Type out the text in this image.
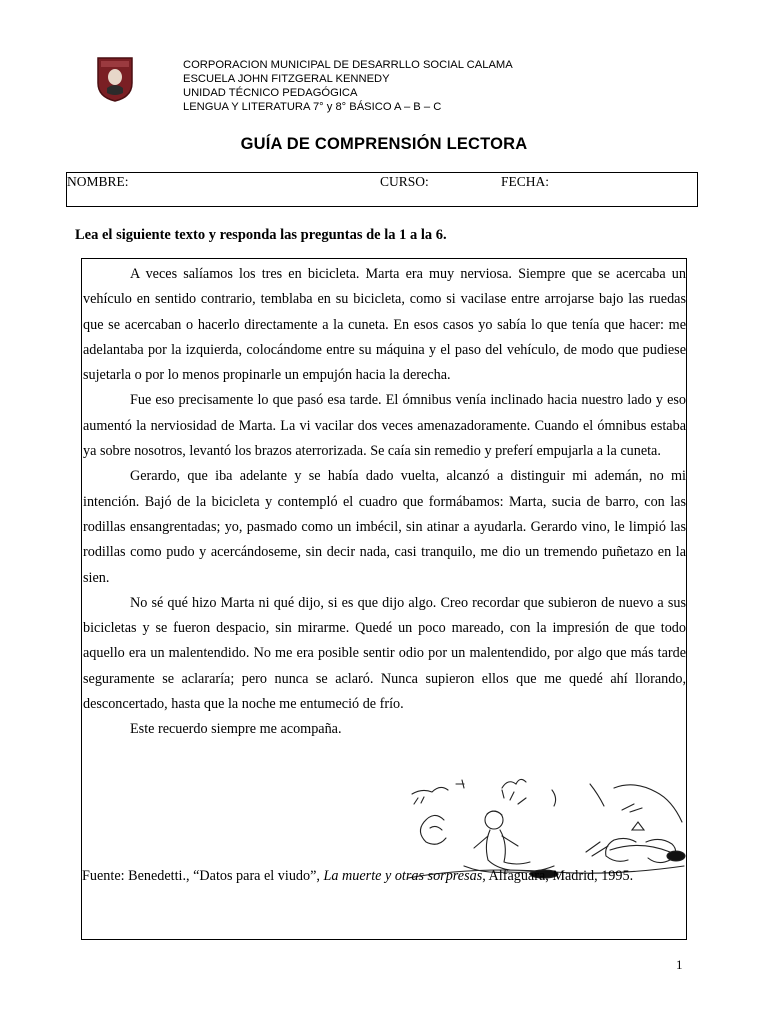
CORPORACION MUNICIPAL DE DESARRLLO SOCIAL CALAMA
ESCUELA JOHN FITZGERAL KENNEDY
UNIDAD TÉCNICO PEDAGÓGICA
LENGUA Y LITERATURA 7° y 8° BÁSICO A – B – C
GUÍA DE COMPRENSIÓN LECTORA
NOMBRE:	CURSO:	FECHA:
Lea el siguiente texto y responda las preguntas de la 1 a la 6.

A veces salíamos los tres en bicicleta. Marta era muy nerviosa. Siempre que se acercaba un vehículo en sentido contrario, temblaba en su bicicleta, como si vacilase entre arrojarse bajo las ruedas que se acercaban o hacerlo directamente a la cuneta. En esos casos yo sabía lo que tenía que hacer: me adelantaba por la izquierda, colocándome entre su máquina y el paso del vehículo, de modo que pudiese sujetarla o por lo menos propinarle un empujón hacia la derecha.

Fue eso precisamente lo que pasó esa tarde. El ómnibus venía inclinado hacia nuestro lado y eso aumentó la nerviosidad de Marta. La vi vacilar dos veces amenazadoramente. Cuando el ómnibus estaba ya sobre nosotros, levantó los brazos aterrorizada. Se caía sin remedio y preferí empujarla a la cuneta.

Gerardo, que iba adelante y se había dado vuelta, alcanzó a distinguir mi ademán, no mi intención. Bajó de la bicicleta y contempló el cuadro que formábamos: Marta, sucia de barro, con las rodillas ensangrentadas; yo, pasmado como un imbécil, sin atinar a ayudarla. Gerardo vino, le limpió las rodillas como pudo y acercándoseme, sin decir nada, casi tranquilo, me dio un tremendo puñetazo en la sien.

No sé qué hizo Marta ni qué dijo, si es que dijo algo. Creo recordar que subieron de nuevo a sus bicicletas y se fueron despacio, sin mirarme. Quedé un poco mareado, con la impresión de que todo aquello era un malentendido. No me era posible sentir odio por un malentendido, por algo que más tarde seguramente se aclararía; pero nunca se aclaró. Nunca supieron ellos que me quedé ahí llorando, desconcertado, hasta que la noche me entumeció de frío.

Este recuerdo siempre me acompaña.

Fuente: Benedetti., “Datos para el viudo”, La muerte y otras sorpresas, Alfaguara, Madrid, 1995.
1
